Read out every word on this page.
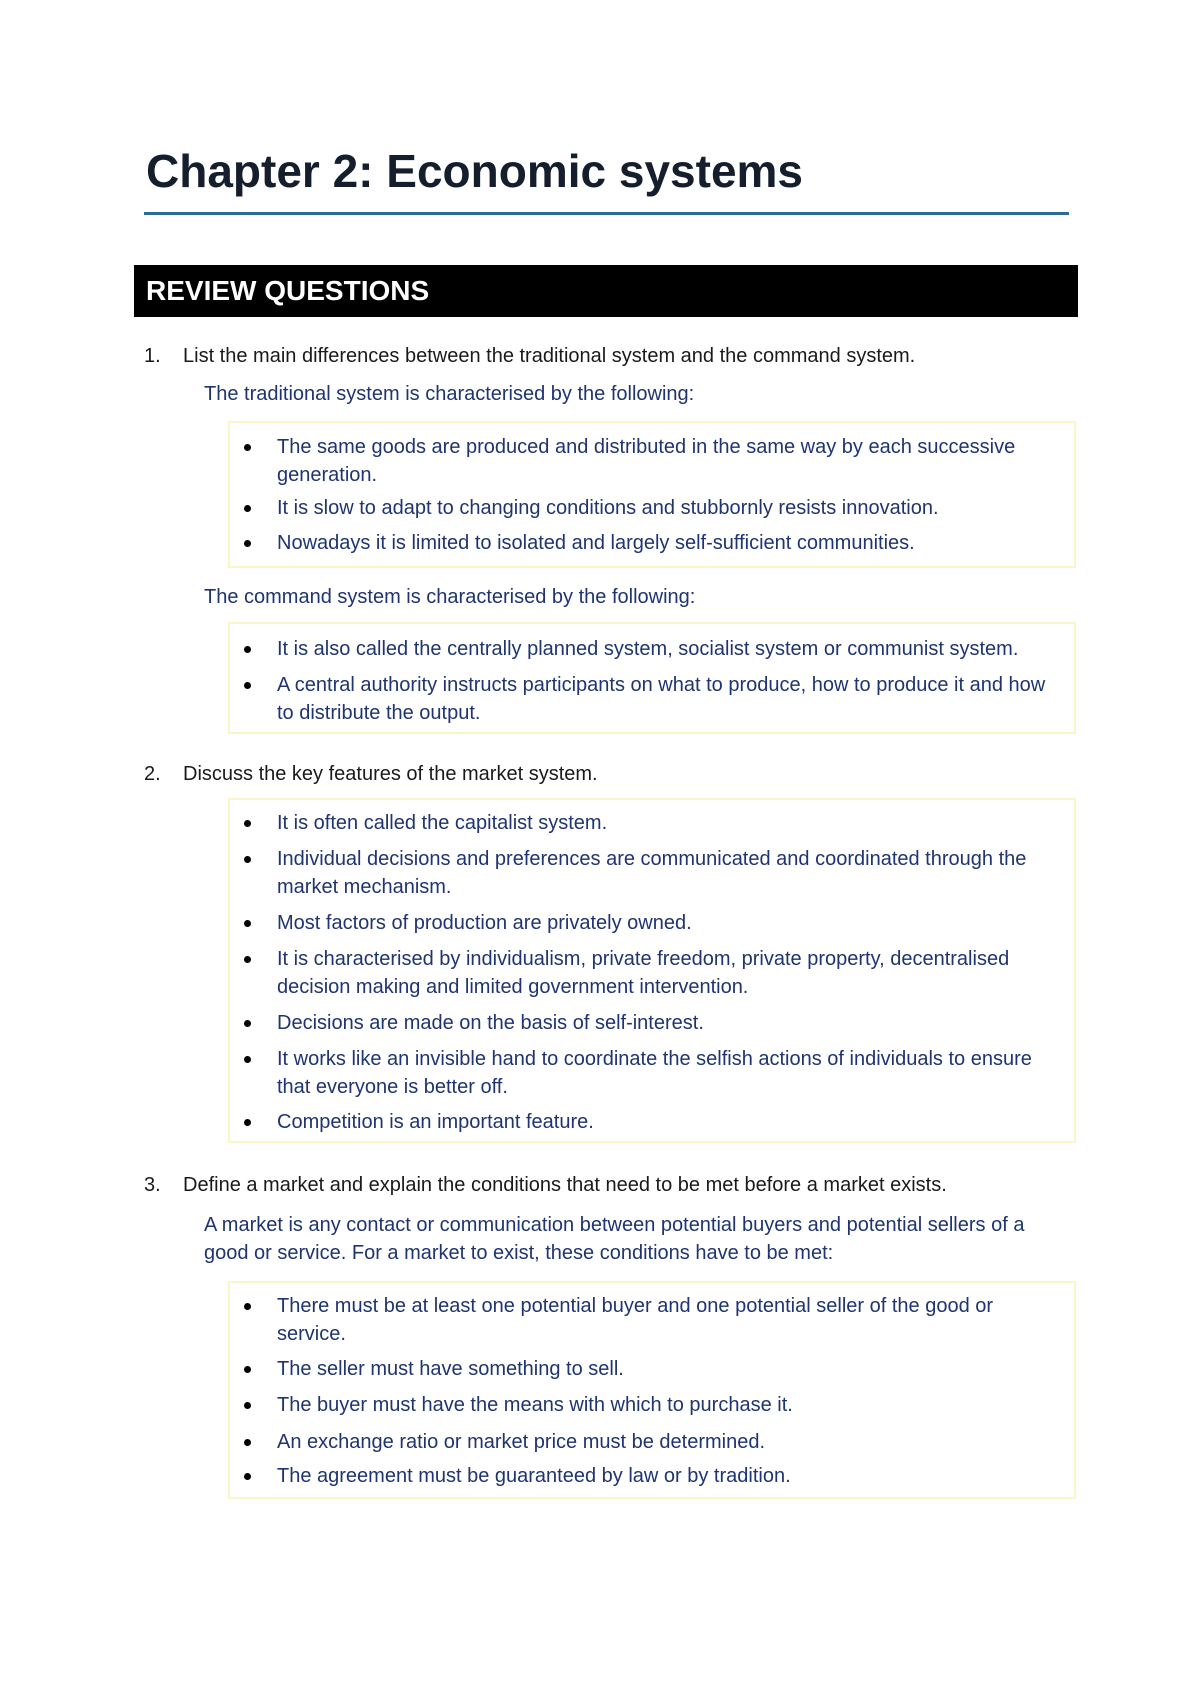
Chapter 2: Economic systems
REVIEW QUESTIONS
1. List the main differences between the traditional system and the command system.
The traditional system is characterised by the following:
The same goods are produced and distributed in the same way by each successive generation.
It is slow to adapt to changing conditions and stubbornly resists innovation.
Nowadays it is limited to isolated and largely self-sufficient communities.
The command system is characterised by the following:
It is also called the centrally planned system, socialist system or communist system.
A central authority instructs participants on what to produce, how to produce it and how to distribute the output.
2. Discuss the key features of the market system.
It is often called the capitalist system.
Individual decisions and preferences are communicated and coordinated through the market mechanism.
Most factors of production are privately owned.
It is characterised by individualism, private freedom, private property, decentralised decision making and limited government intervention.
Decisions are made on the basis of self-interest.
It works like an invisible hand to coordinate the selfish actions of individuals to ensure that everyone is better off.
Competition is an important feature.
3. Define a market and explain the conditions that need to be met before a market exists.
A market is any contact or communication between potential buyers and potential sellers of a good or service. For a market to exist, these conditions have to be met:
There must be at least one potential buyer and one potential seller of the good or service.
The seller must have something to sell.
The buyer must have the means with which to purchase it.
An exchange ratio or market price must be determined.
The agreement must be guaranteed by law or by tradition.
